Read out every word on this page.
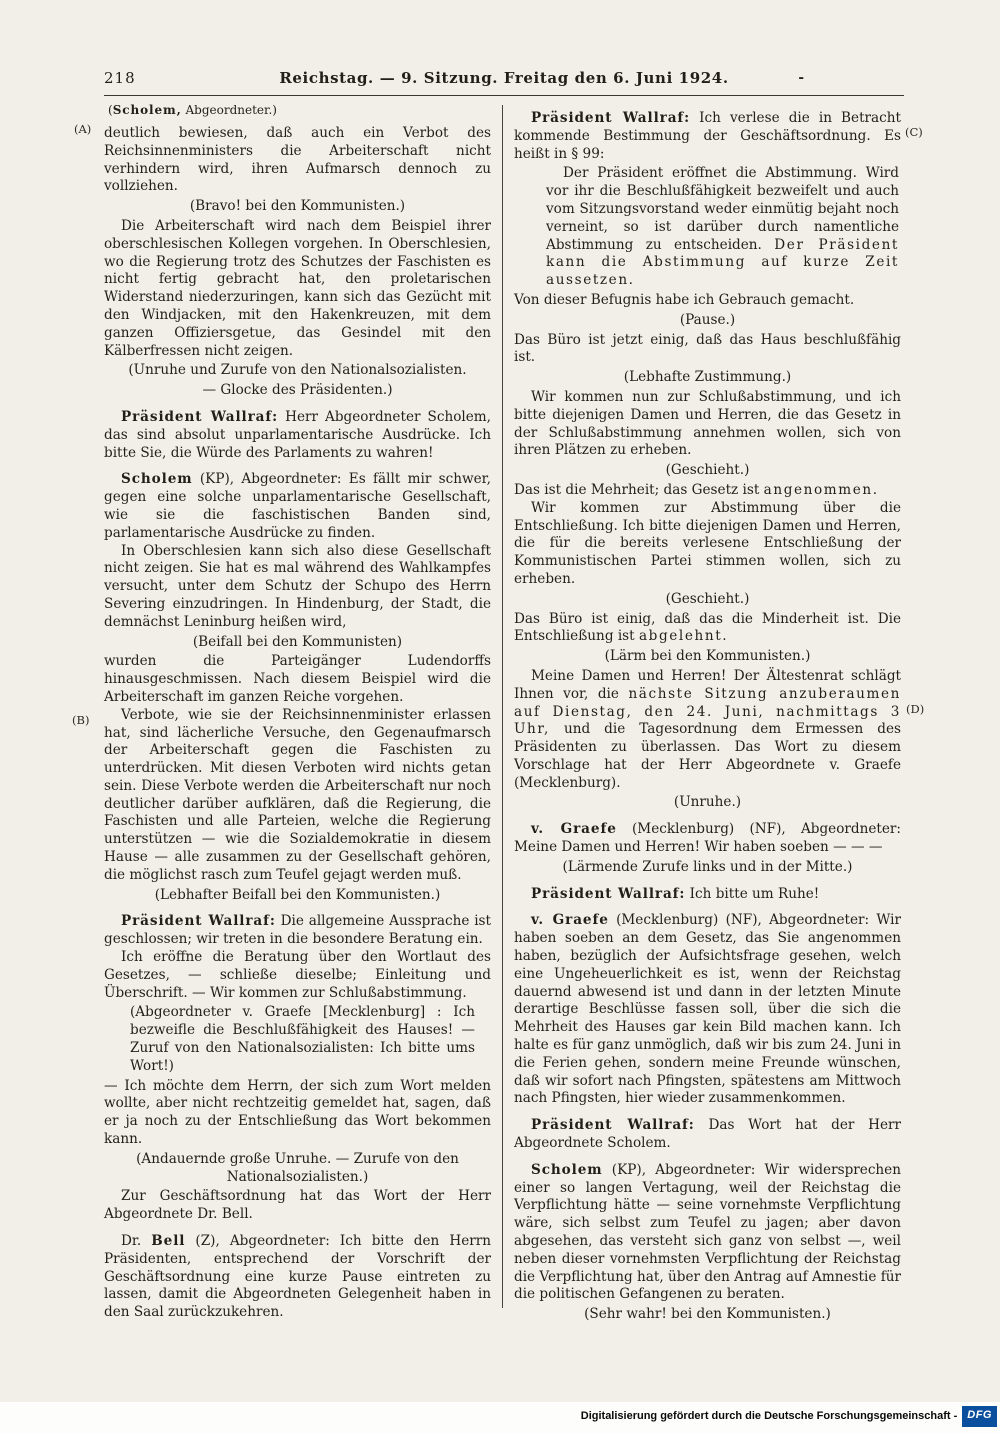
218	Reichstag. — 9. Sitzung. Freitag den 6. Juni 1924.	-
(A)
(B)
(C)
(D)

(Scholem, Abgeordneter.)

deutlich bewiesen, daß auch ein Verbot des Reichsinnenministers die Arbeiterschaft nicht verhindern wird, ihren Aufmarsch dennoch zu vollziehen.

(Bravo! bei den Kommunisten.)

Die Arbeiterschaft wird nach dem Beispiel ihrer oberschlesischen Kollegen vorgehen. In Oberschlesien, wo die Regierung trotz des Schutzes der Faschisten es nicht fertig gebracht hat, den proletarischen Widerstand niederzuringen, kann sich das Gezücht mit den Windjacken, mit den Hakenkreuzen, mit dem ganzen Offiziersgetue, das Gesindel mit den Kälberfressen nicht zeigen.

(Unruhe und Zurufe von den Nationalsozialisten.

— Glocke des Präsidenten.)

Präsident Wallraf: Herr Abgeordneter Scholem, das sind absolut unparlamentarische Ausdrücke. Ich bitte Sie, die Würde des Parlaments zu wahren!

Scholem (KP), Abgeordneter: Es fällt mir schwer, gegen eine solche unparlamentarische Gesellschaft, wie sie die faschistischen Banden sind, parlamentarische Ausdrücke zu finden.

In Oberschlesien kann sich also diese Gesellschaft nicht zeigen. Sie hat es mal während des Wahlkampfes versucht, unter dem Schutz der Schupo des Herrn Severing einzudringen. In Hindenburg, der Stadt, die demnächst Leninburg heißen wird,

(Beifall bei den Kommunisten)

wurden die Parteigänger Ludendorffs hinausgeschmissen. Nach diesem Beispiel wird die Arbeiterschaft im ganzen Reiche vorgehen.

Verbote, wie sie der Reichsinnenminister erlassen hat, sind lächerliche Versuche, den Gegenaufmarsch der Arbeiterschaft gegen die Faschisten zu unterdrücken. Mit diesen Verboten wird nichts getan sein. Diese Verbote werden die Arbeiterschaft nur noch deutlicher darüber aufklären, daß die Regierung, die Faschisten und alle Parteien, welche die Regierung unterstützen — wie die Sozialdemokratie in diesem Hause — alle zusammen zu der Gesellschaft gehören, die möglichst rasch zum Teufel gejagt werden muß.

(Lebhafter Beifall bei den Kommunisten.)

Präsident Wallraf: Die allgemeine Aussprache ist geschlossen; wir treten in die besondere Beratung ein.

Ich eröffne die Beratung über den Wortlaut des Gesetzes, — schließe dieselbe; Einleitung und Überschrift. — Wir kommen zur Schlußabstimmung.

(Abgeordneter v. Graefe [Mecklenburg] : Ich bezweifle die Beschlußfähigkeit des Hauses! — Zuruf von den Nationalsozialisten: Ich bitte ums Wort!)

— Ich möchte dem Herrn, der sich zum Wort melden wollte, aber nicht rechtzeitig gemeldet hat, sagen, daß er ja noch zu der Entschließung das Wort bekommen kann.

(Andauernde große Unruhe. — Zurufe von den Nationalsozialisten.)

Zur Geschäftsordnung hat das Wort der Herr Abgeordnete Dr. Bell.

Dr. Bell (Z), Abgeordneter: Ich bitte den Herrn Präsidenten, entsprechend der Vorschrift der Geschäftsordnung eine kurze Pause eintreten zu lassen, damit die Abgeordneten Gelegenheit haben in den Saal zurückzukehren.

Präsident Wallraf: Ich verlese die in Betracht kommende Bestimmung der Geschäftsordnung. Es heißt in § 99:

Der Präsident eröffnet die Abstimmung. Wird vor ihr die Beschlußfähigkeit bezweifelt und auch vom Sitzungsvorstand weder einmütig bejaht noch verneint, so ist darüber durch namentliche Abstimmung zu entscheiden. Der Präsident kann die Abstimmung auf kurze Zeit aussetzen.

Von dieser Befugnis habe ich Gebrauch gemacht.

(Pause.)

Das Büro ist jetzt einig, daß das Haus beschlußfähig ist.

(Lebhafte Zustimmung.)

Wir kommen nun zur Schlußabstimmung, und ich bitte diejenigen Damen und Herren, die das Gesetz in der Schlußabstimmung annehmen wollen, sich von ihren Plätzen zu erheben.

(Geschieht.)

Das ist die Mehrheit; das Gesetz ist angenommen.

Wir kommen zur Abstimmung über die Entschließung. Ich bitte diejenigen Damen und Herren, die für die bereits verlesene Entschließung der Kommunistischen Partei stimmen wollen, sich zu erheben.

(Geschieht.)

Das Büro ist einig, daß das die Minderheit ist. Die Entschließung ist abgelehnt.

(Lärm bei den Kommunisten.)

Meine Damen und Herren! Der Ältestenrat schlägt Ihnen vor, die nächste Sitzung anzuberaumen auf Dienstag, den 24. Juni, nachmittags 3 Uhr, und die Tagesordnung dem Ermessen des Präsidenten zu überlassen. Das Wort zu diesem Vorschlage hat der Herr Abgeordnete v. Graefe (Mecklenburg).

(Unruhe.)

v. Graefe (Mecklenburg) (NF), Abgeordneter: Meine Damen und Herren! Wir haben soeben — — —

(Lärmende Zurufe links und in der Mitte.)

Präsident Wallraf: Ich bitte um Ruhe!

v. Graefe (Mecklenburg) (NF), Abgeordneter: Wir haben soeben an dem Gesetz, das Sie angenommen haben, bezüglich der Aufsichtsfrage gesehen, welch eine Ungeheuerlichkeit es ist, wenn der Reichstag dauernd abwesend ist und dann in der letzten Minute derartige Beschlüsse fassen soll, über die sich die Mehrheit des Hauses gar kein Bild machen kann. Ich halte es für ganz unmöglich, daß wir bis zum 24. Juni in die Ferien gehen, sondern meine Freunde wünschen, daß wir sofort nach Pfingsten, spätestens am Mittwoch nach Pfingsten, hier wieder zusammenkommen.

Präsident Wallraf: Das Wort hat der Herr Abgeordnete Scholem.

Scholem (KP), Abgeordneter: Wir widersprechen einer so langen Vertagung, weil der Reichstag die Verpflichtung hätte — seine vornehmste Verpflichtung wäre, sich selbst zum Teufel zu jagen; aber davon abgesehen, das versteht sich ganz von selbst —, weil neben dieser vornehmsten Verpflichtung der Reichstag die Verpflichtung hat, über den Antrag auf Amnestie für die politischen Gefangenen zu beraten.

(Sehr wahr! bei den Kommunisten.)

Digitalisierung gefördert durch die Deutsche Forschungsgemeinschaft - DFG
